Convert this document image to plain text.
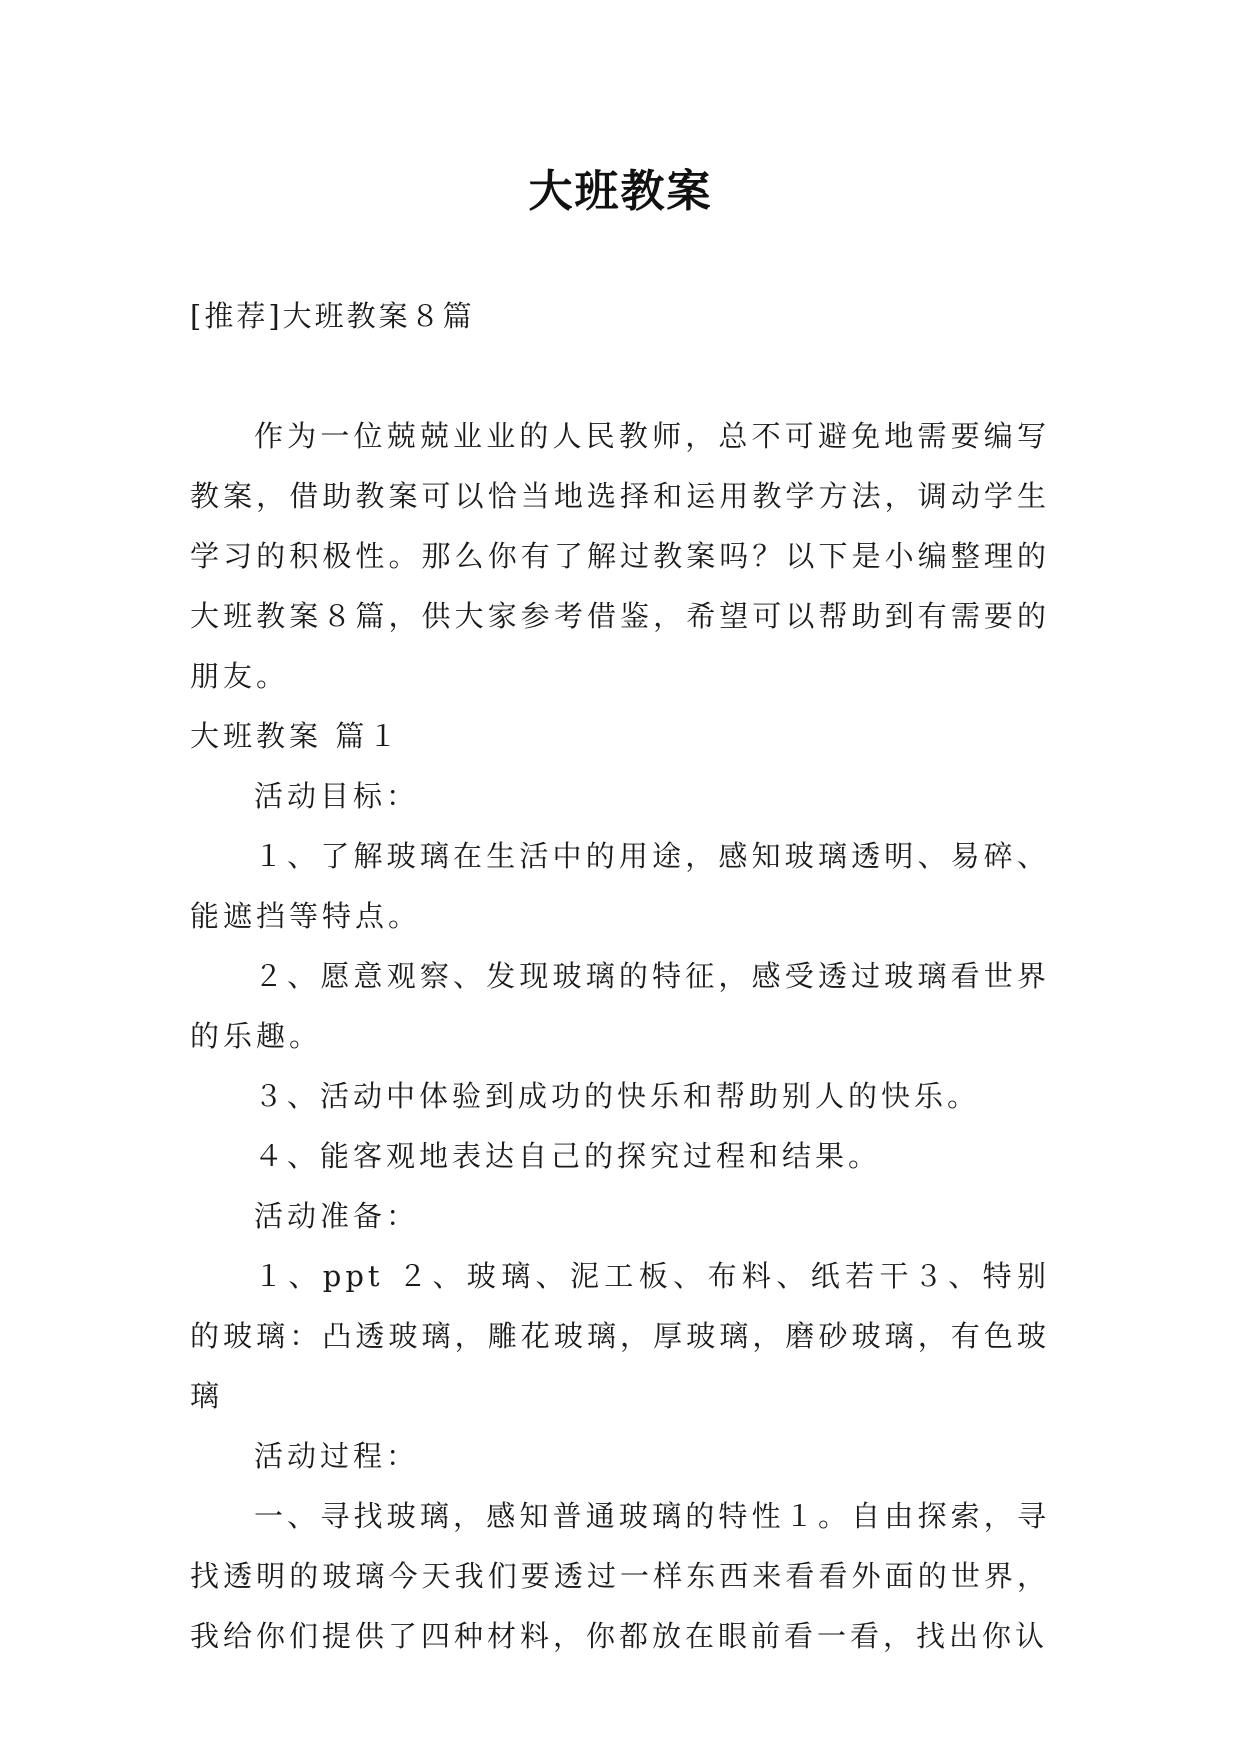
大班教案
[推荐]大班教案８篇

作为一位兢兢业业的人民教师，总不可避免地需要编写教案，借助教案可以恰当地选择和运用教学方法，调动学生学习的积极性。那么你有了解过教案吗？以下是小编整理的大班教案８篇，供大家参考借鉴，希望可以帮助到有需要的朋友。

大班教案 篇１

活动目标：

１、了解玻璃在生活中的用途，感知玻璃透明、易碎、能遮挡等特点。

２、愿意观察、发现玻璃的特征，感受透过玻璃看世界的乐趣。

３、活动中体验到成功的快乐和帮助别人的快乐。

４、能客观地表达自己的探究过程和结果。

活动准备：

１、ppt ２、玻璃、泥工板、布料、纸若干３、特别的玻璃：凸透玻璃，雕花玻璃，厚玻璃，磨砂玻璃，有色玻璃

活动过程：

一、寻找玻璃，感知普通玻璃的特性１。自由探索，寻找透明的玻璃今天我们要透过一样东西来看看外面的世界，我给你们提供了四种材料，你都放在眼前看一看，找出你认
